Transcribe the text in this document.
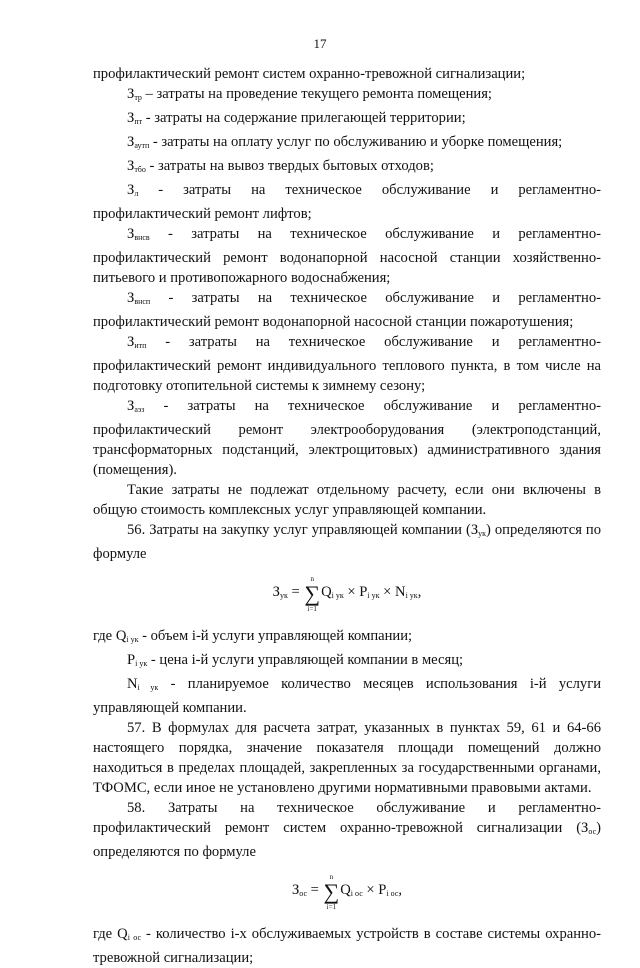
17

профилактический ремонт систем охранно-тревожной сигнализации;

$З_{тр}$ – затраты на проведение текущего ремонта помещения;

$З_{пт}$ - затраты на содержание прилегающей территории;

$З_{аутп}$ - затраты на оплату услуг по обслуживанию и уборке помещения;

$З_{тбо}$ - затраты на вывоз твердых бытовых отходов;

$З_л$ - затраты на техническое обслуживание и регламентно-профилактический ремонт лифтов;

$З_{внсв}$ - затраты на техническое обслуживание и регламентно-профилактический ремонт водонапорной насосной станции хозяйственно-питьевого и противопожарного водоснабжения;

$З_{внсп}$ - затраты на техническое обслуживание и регламентно-профилактический ремонт водонапорной насосной станции пожаротушения;

$З_{итп}$ - затраты на техническое обслуживание и регламентно-профилактический ремонт индивидуального теплового пункта, в том числе на подготовку отопительной системы к зимнему сезону;

$З_{аэз}$ - затраты на техническое обслуживание и регламентно-профилактический ремонт электрооборудования (электроподстанций, трансформаторных подстанций, электрощитовых) административного здания (помещения).

Такие затраты не подлежат отдельному расчету, если они включены в общую стоимость комплексных услуг управляющей компании.

56. Затраты на закупку услуг управляющей компании $(З_{ук})$ определяются по формуле

$З_{ук}$ =
n
∑
i=1
$Q_{i ук} \times P_{i ук} \times N_{i ук}$,

где $Q_{i ук}$ - объем i-й услуги управляющей компании;

$P_{i ук}$ - цена i-й услуги управляющей компании в месяц;

$N_{i ук}$ - планируемое количество месяцев использования i-й услуги управляющей компании.

57. В формулах для расчета затрат, указанных в пунктах 59, 61 и 64-66 настоящего порядка, значение показателя площади помещений должно находиться в пределах площадей, закрепленных за государственными органами, ТФОМС, если иное не установлено другими нормативными правовыми актами.

58. Затраты на техническое обслуживание и регламентно-профилактический ремонт систем охранно-тревожной сигнализации $(З_{ос})$ определяются по формуле

$З_{ос}$ =
n
∑
i=1
$Q_{i ос} \times P_{i ос}$,

где $Q_{i ос}$ - количество i-х обслуживаемых устройств в составе системы охранно-тревожной сигнализации;
